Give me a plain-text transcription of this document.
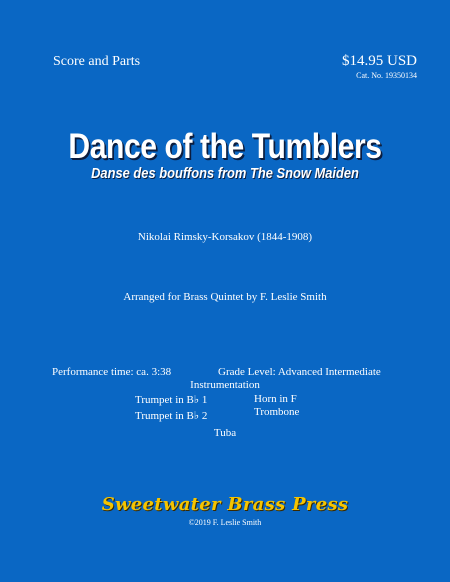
Score and Parts	$14.95 USD
Cat. No. 19350134
Dance of the Tumblers
Danse des bouffons from The Snow Maiden
Nikolai Rimsky-Korsakov (1844-1908)
Arranged for Brass Quintet by F. Leslie Smith
Performance time: ca. 3:38	Grade Level: Advanced Intermediate
Instrumentation
Trumpet in B♭ 1	Horn in F
Trumpet in B♭ 2	Trombone
Tuba
Sweetwater Brass Press
©2019 F. Leslie Smith
